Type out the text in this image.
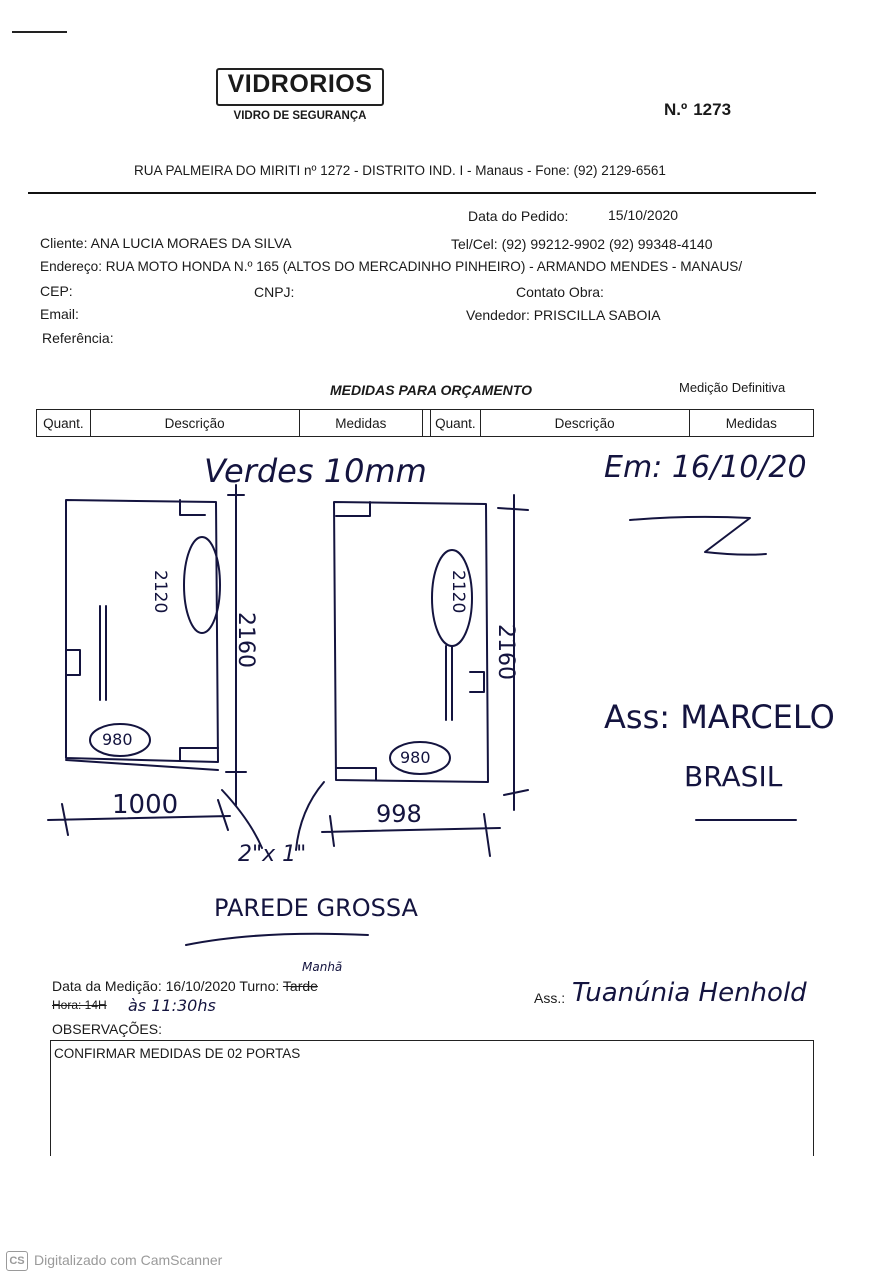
VIDRORIOS
VIDRO DE SEGURANÇA	N.º 1273
RUA PALMEIRA DO MIRITI nº 1272 - DISTRITO IND. I - Manaus - Fone: (92) 2129-6561
Data do Pedido:	15/10/2020
Cliente: ANA LUCIA MORAES DA SILVA	Tel/Cel: (92) 99212-9902 (92) 99348-4140
Endereço: RUA MOTO HONDA N.º 165 (ALTOS DO MERCADINHO PINHEIRO) - ARMANDO MENDES - MANAUS/
CEP:	CNPJ:	Contato Obra:
Email:	Vendedor: PRISCILLA SABOIA
Referência:
MEDIDAS PARA ORÇAMENTO	Medição Definitiva
Quant.	Descrição	Medidas	Quant.	Descrição	Medidas
Verdes 10mm	Em: 16/10/20
2120
2160
2120
2160
980
980
1000	998
2"x 1"
PAREDE GROSSA
Ass: MARCELO
BRASIL
Data da Medição: 16/10/2020 Turno: Tarde
Manhã
Hora: 14H às 11:30hs	Ass.: Tuanúnia Henhold
OBSERVAÇÕES:
CONFIRMAR MEDIDAS DE 02 PORTAS
CS Digitalizado com CamScanner
